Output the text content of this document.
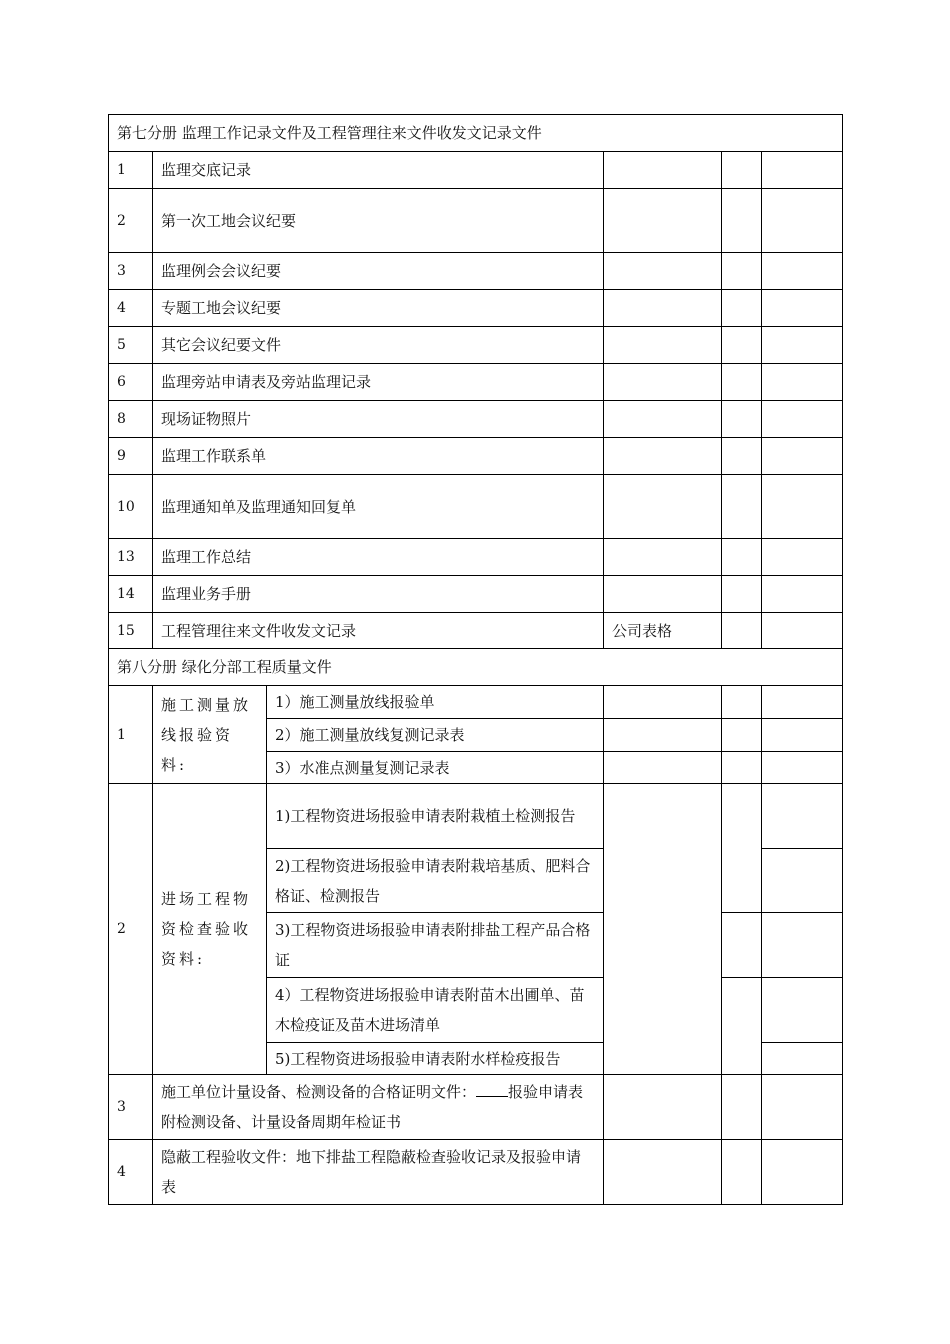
第七分册 监理工作记录文件及工程管理往来文件收发文记录文件					
1	监理交底记录				
2	第一次工地会议纪要				
3	监理例会会议纪要				
4	专题工地会议纪要				
5	其它会议纪要文件				
6	监理旁站申请表及旁站监理记录				
8	现场证物照片				
9	监理工作联系单				
10	监理通知单及监理通知回复单				
13	监理工作总结				
14	监理业务手册				
15	工程管理往来文件收发文记录		公司表格		
第八分册 绿化分部工程质量文件					
1	施工测量放线报验资料:	1）施工测量放线报验单			
		2）施工测量放线复测记录表			
		3）水准点测量复测记录表			
2	进场工程物资检查验收资料:	1)工程物资进场报验申请表附栽植土检测报告			
		2)工程物资进场报验申请表附栽培基质、肥料合格证、检测报告			
		3)工程物资进场报验申请表附排盐工程产品合格证			
		4）工程物资进场报验申请表附苗木出圃单、苗木检疫证及苗木进场清单			
		5)工程物资进场报验申请表附水样检疫报告			
3	施工单位计量设备、检测设备的合格证明文件： 报验申请表附检测设备、计量设备周期年检证书				
4	隐蔽工程验收文件：地下排盐工程隐蔽检查验收记录及报验申请表				
